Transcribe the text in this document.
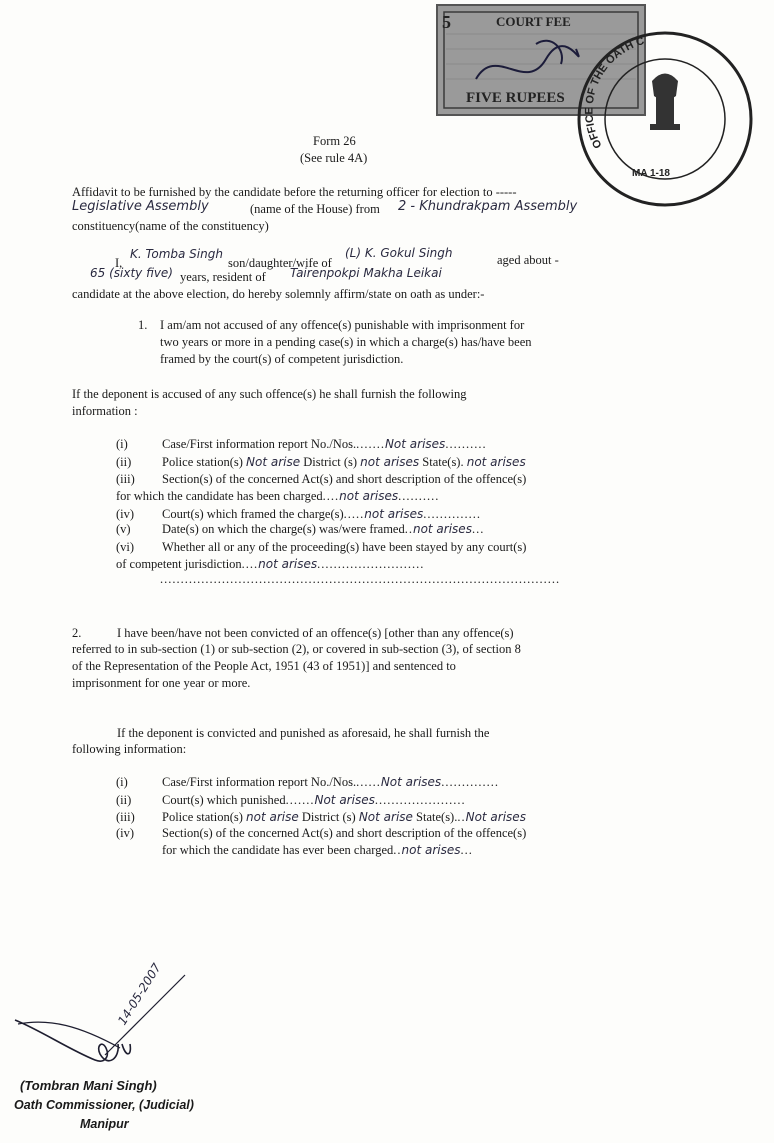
5	COURT FEE
FIVE RUPEES
OFFICE OF THE OATH C
MA 1-18
Form 26
(See rule 4A)
Affidavit to be furnished by the candidate before the returning officer for election to -----
Legislative Assembly	(name of the House) from 2 - Khundrakpam Assembly
constituency(name of the constituency)
I,
K. Tomba Singh
son/daughter/wife of
(L) K. Gokul Singh	aged about -
65 (sixty five) years, resident of Tairenpokpi Makha Leikai
candidate at the above election, do hereby solemnly affirm/state on oath as under:-
1. I am/am not accused of any offence(s) punishable with imprisonment for
two years or more in a pending case(s) in which a charge(s) has/have been
framed by the court(s) of competent jurisdiction.
If the deponent is accused of any such offence(s) he shall furnish the following
information :
(i)	Case/First information report No./Nos........Not arises..........
(ii) Police station(s) Not arise District (s) not arises State(s). not arises
(iii) Section(s) of the concerned Act(s) and short description of the offence(s)
for which the candidate has been charged....not arises..........
(iv) Court(s) which framed the charge(s).....not arises..............
(v)	Date(s) on which the charge(s) was/were framed..not arises...
(vi) Whether all or any of the proceeding(s) have been stayed by any court(s)
of competent jurisdiction....not arises..........................
.................................................................................................
2.	I have been/have not been convicted of an offence(s) [other than any offence(s)
referred to in sub-section (1) or sub-section (2), or covered in sub-section (3), of section 8
of the Representation of the People Act, 1951 (43 of 1951)] and sentenced to
imprisonment for one year or more.
If the deponent is convicted and punished as aforesaid, he shall furnish the
following information:
(i)	Case/First information report No./Nos.......Not arises..............
(ii) Court(s) which punished.......Not arises......................
(iii) Police station(s) not arise District (s) Not arise State(s)...Not arises
(iv) Section(s) of the concerned Act(s) and short description of the offence(s)
for which the candidate has ever been charged..not arises...
14-05-2007
(Tombran Mani Singh)
Oath Commissioner, (Judicial)
Manipur
